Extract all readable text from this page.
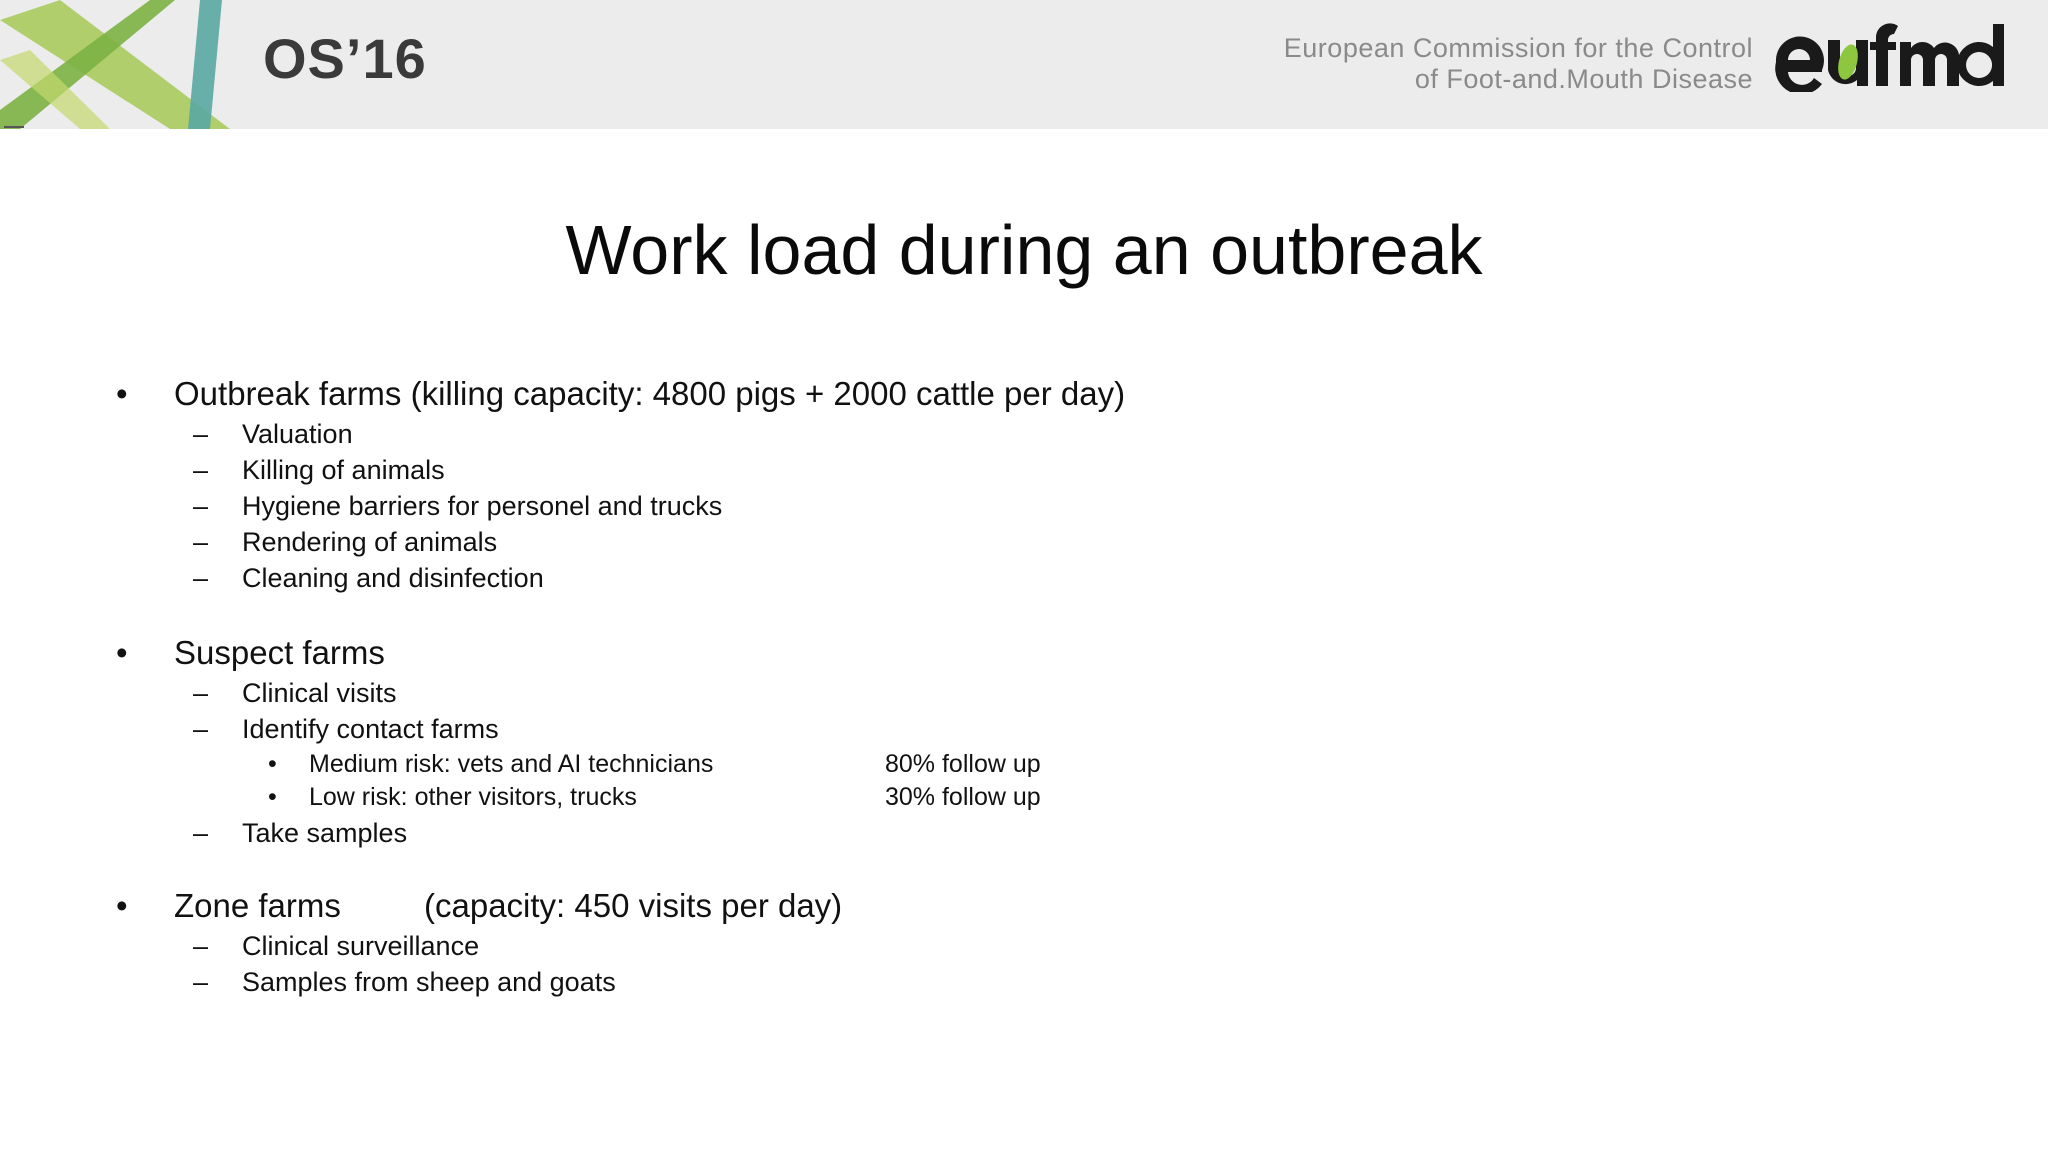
OS’16	European Commission for the Control
of Foot-and.Mouth Disease
Work load during an outbreak
• Outbreak farms (killing capacity: 4800 pigs + 2000 cattle per day)
– Valuation
– Killing of animals
– Hygiene barriers for personel and trucks
– Rendering of animals
– Cleaning and disinfection
• Suspect farms
– Clinical visits
– Identify contact farms
• Medium risk: vets and AI technicians	80% follow up
• Low risk: other visitors, trucks	30% follow up
– Take samples
• Zone farms	(capacity: 450 visits per day)
– Clinical surveillance
– Samples from sheep and goats
